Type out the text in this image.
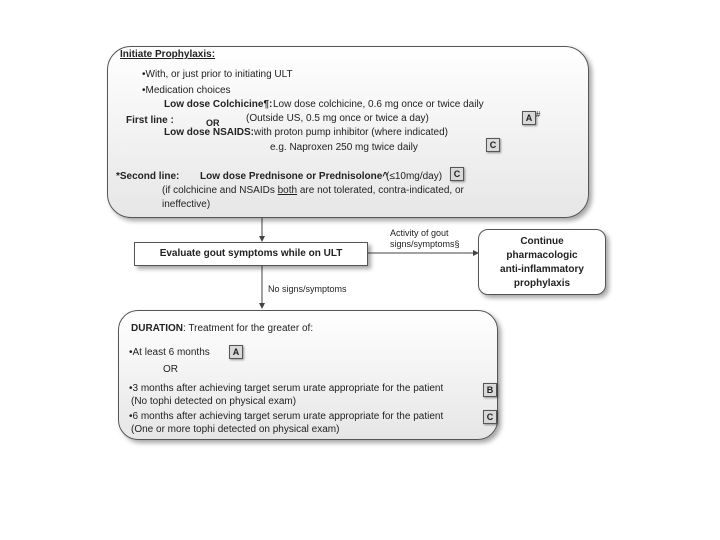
Initiate Prophylaxis:
•With, or just prior to initiating ULT
•Medication choices
Low dose Colchicine¶: Low dose colchicine, 0.6 mg once or twice daily
(Outside US, 0.5 mg once or twice a day)
First line :	OR	A #
Low dose NSAIDS: with proton pump inhibitor (where indicated)
e.g. Naproxen 250 mg twice daily	C
*Second line: Low dose Prednisone or Prednisolone^
(≤10mg/day)	C
(if colchicine and NSAIDs both are not tolerated, contra-indicated, or
ineffective)
Evaluate gout symptoms while on ULT
Activity of gout
signs/symptoms§	Continue
pharmacologic
anti-inflammatory
prophylaxis
No signs/symptoms
DURATION: Treatment for the greater of:
•At least 6 months	A
OR
•3 months after achieving target serum urate appropriate for the patient
(No tophi detected on physical exam)
B
•6 months after achieving target serum urate appropriate for the patient
(One or more tophi detected on physical exam)
C
